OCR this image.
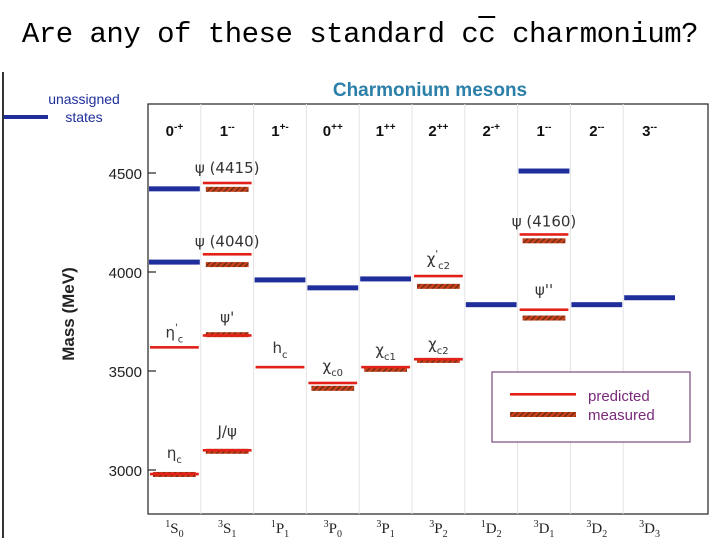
Are any of these standard $c\overline{c}$ charmonium?
Charmonium mesons
3000
3500
4000
4500
Mass (MeV)
0-+
$^1S_0$
1--
$^3S_1$
1+-
$^1P_1$
0++
$^3P_0$
1++
$^3P_1$
2++
$^3P_2$
2-+
$^1D_2$
1--
$^3D_1$
2--
$^3D_2$
3--
$^3D_3$
ψ (4415)
ψ (4040)
ψ'
J/ψ
$\eta'_c$
$\eta_c$
$h_c$
$\chi_{c0}$
$\chi_{c1}$
$\chi_{c2}$
$\chi'_{c2}$
ψ (4160)
ψ''
unassigned
states
predicted
measured
